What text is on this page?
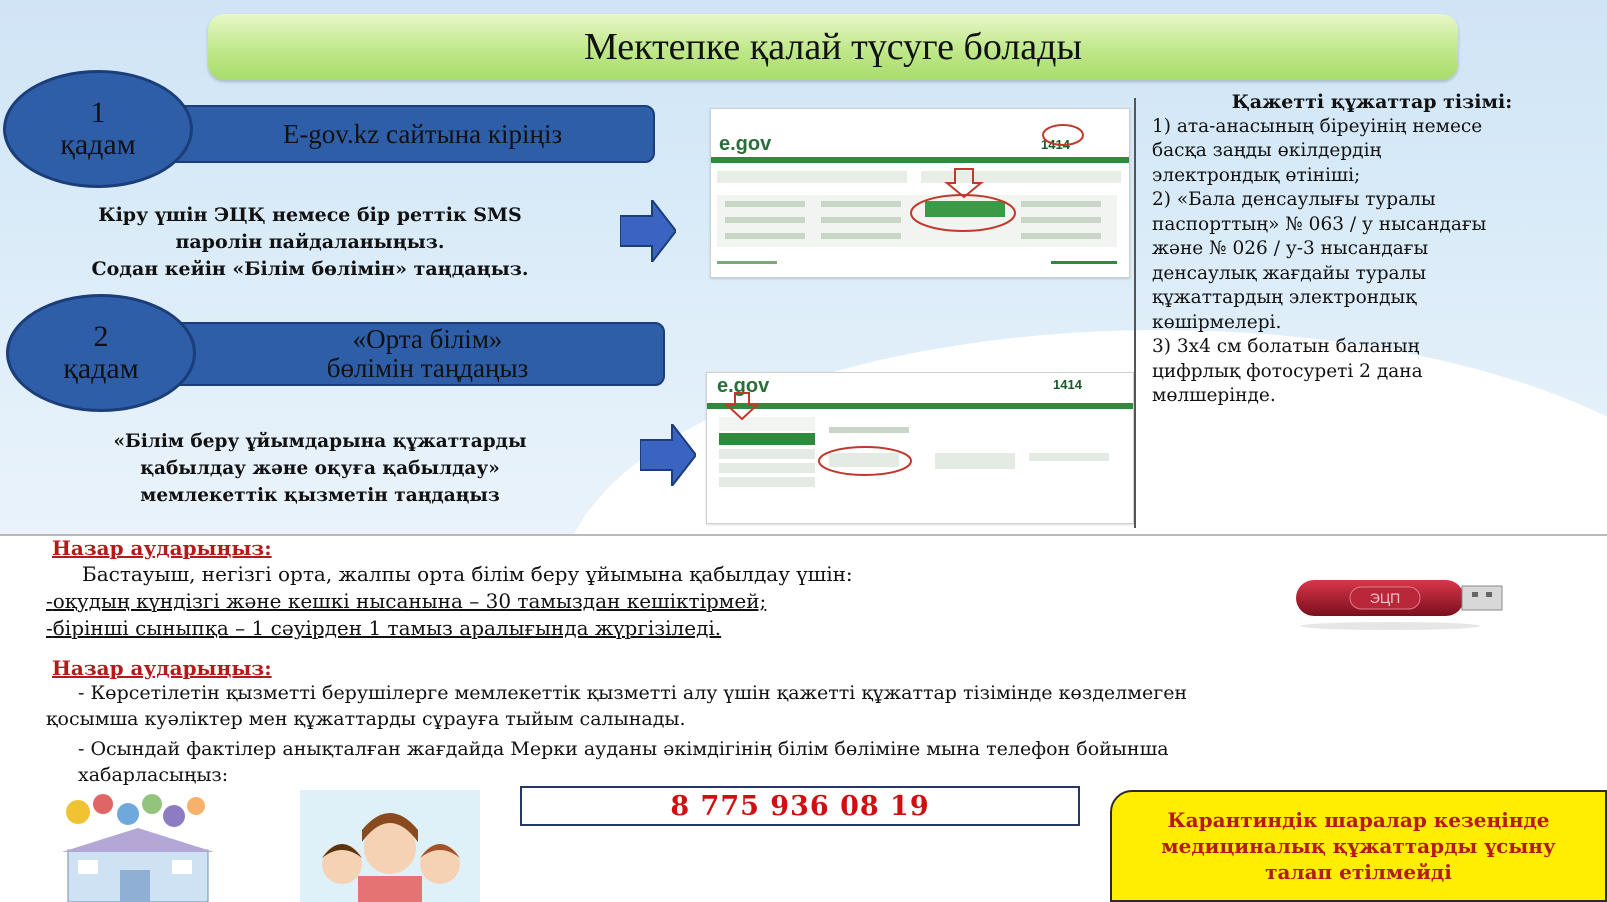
Мектепке қалай түсуге болады
E-gov.kz сайтына кіріңіз
1
қадам
Кіру үшін ЭЦҚ немесе бір реттік SMS
паролін пайдаланыңыз.
Содан кейін «Білім бөлімін» таңдаңыз.
«Орта білім»
бөлімін таңдаңыз
2
қадам
«Білім беру ұйымдарына құжаттарды
қабылдау және оқуға қабылдау»
мемлекеттік қызметін таңдаңыз
e.gov	1414
e.gov	1414
Қажетті құжаттар тізімі:
1) ата-анасының біреуінің немесе
басқа заңды өкілдердің
электрондық өтініші;
2) «Бала денсаулығы туралы
паспорттың» № 063 / у нысандағы
және № 026 / у-3 нысандағы
денсаулық жағдайы туралы
құжаттардың электрондық
көшірмелері.
3) 3х4 см болатын баланың
цифрлық фотосуреті 2 дана
мөлшерінде.
Назар аударыңыз:
Бастауыш, негізгі орта, жалпы орта білім беру ұйымына қабылдау үшін:
-оқудың күндізгі және кешкі нысанына – 30 тамыздан кешіктірмей;
-бірінші сыныпқа – 1 сәуірден 1 тамыз аралығында жүргізіледі.
ЭЦП
Назар аударыңыз:
- Көрсетілетін қызметті берушілерге мемлекеттік қызметті алу үшін қажетті құжаттар тізімінде көзделмеген
қосымша куәліктер мен құжаттарды сұрауға тыйым салынады.
- Осындай фактілер анықталған жағдайда Мерки ауданы әкімдігінің білім бөліміне мына телефон бойынша
хабарласыңыз:
8 775 936 08 19	Карантиндік шаралар кезеңінде
медициналық құжаттарды ұсыну
талап етілмейді
